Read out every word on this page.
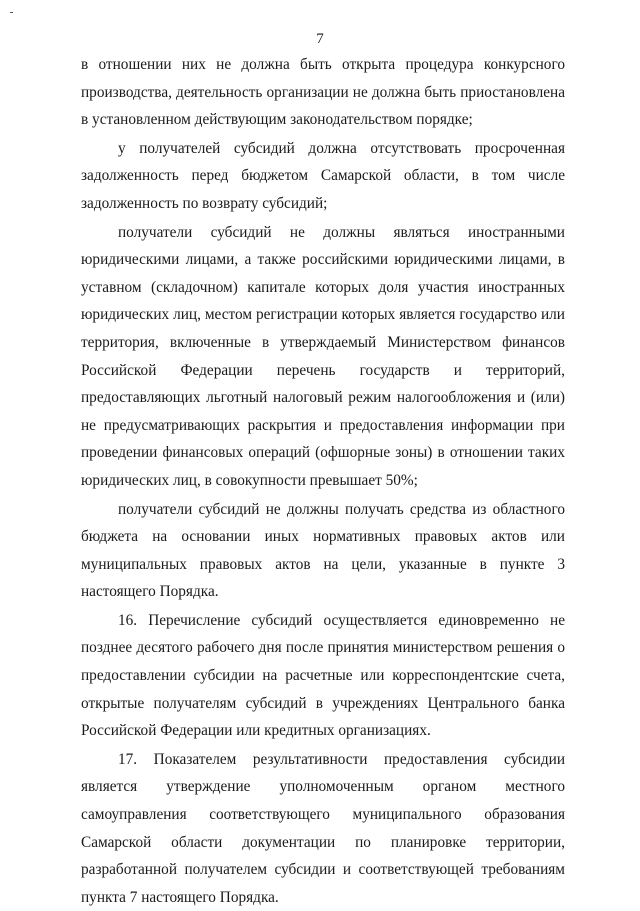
7

в отношении них не должна быть открыта процедура конкурсного производства, деятельность организации не должна быть приостановлена в установленном действующим законодательством порядке;

у получателей субсидий должна отсутствовать просроченная задолженность перед бюджетом Самарской области, в том числе задолженность по возврату субсидий;

получатели субсидий не должны являться иностранными юридическими лицами, а также российскими юридическими лицами, в уставном (складочном) капитале которых доля участия иностранных юридических лиц, местом регистрации которых является государство или территория, включенные в утверждаемый Министерством финансов Российской Федерации перечень государств и территорий, предоставляющих льготный налоговый режим налогообложения и (или) не предусматривающих раскрытия и предоставления информации при проведении финансовых операций (офшорные зоны) в отношении таких юридических лиц, в совокупности превышает 50%;

получатели субсидий не должны получать средства из областного бюджета на основании иных нормативных правовых актов или муниципальных правовых актов на цели, указанные в пункте 3 настоящего Порядка.

16. Перечисление субсидий осуществляется единовременно не позднее десятого рабочего дня после принятия министерством решения о предоставлении субсидии на расчетные или корреспондентские счета, открытые получателям субсидий в учреждениях Центрального банка Российской Федерации или кредитных организациях.

17. Показателем результативности предоставления субсидии является утверждение уполномоченным органом местного самоуправления соответствующего муниципального образования Самарской области документации по планировке территории, разработанной получателем субсидии и соответствующей требованиям пункта 7 настоящего Порядка.
